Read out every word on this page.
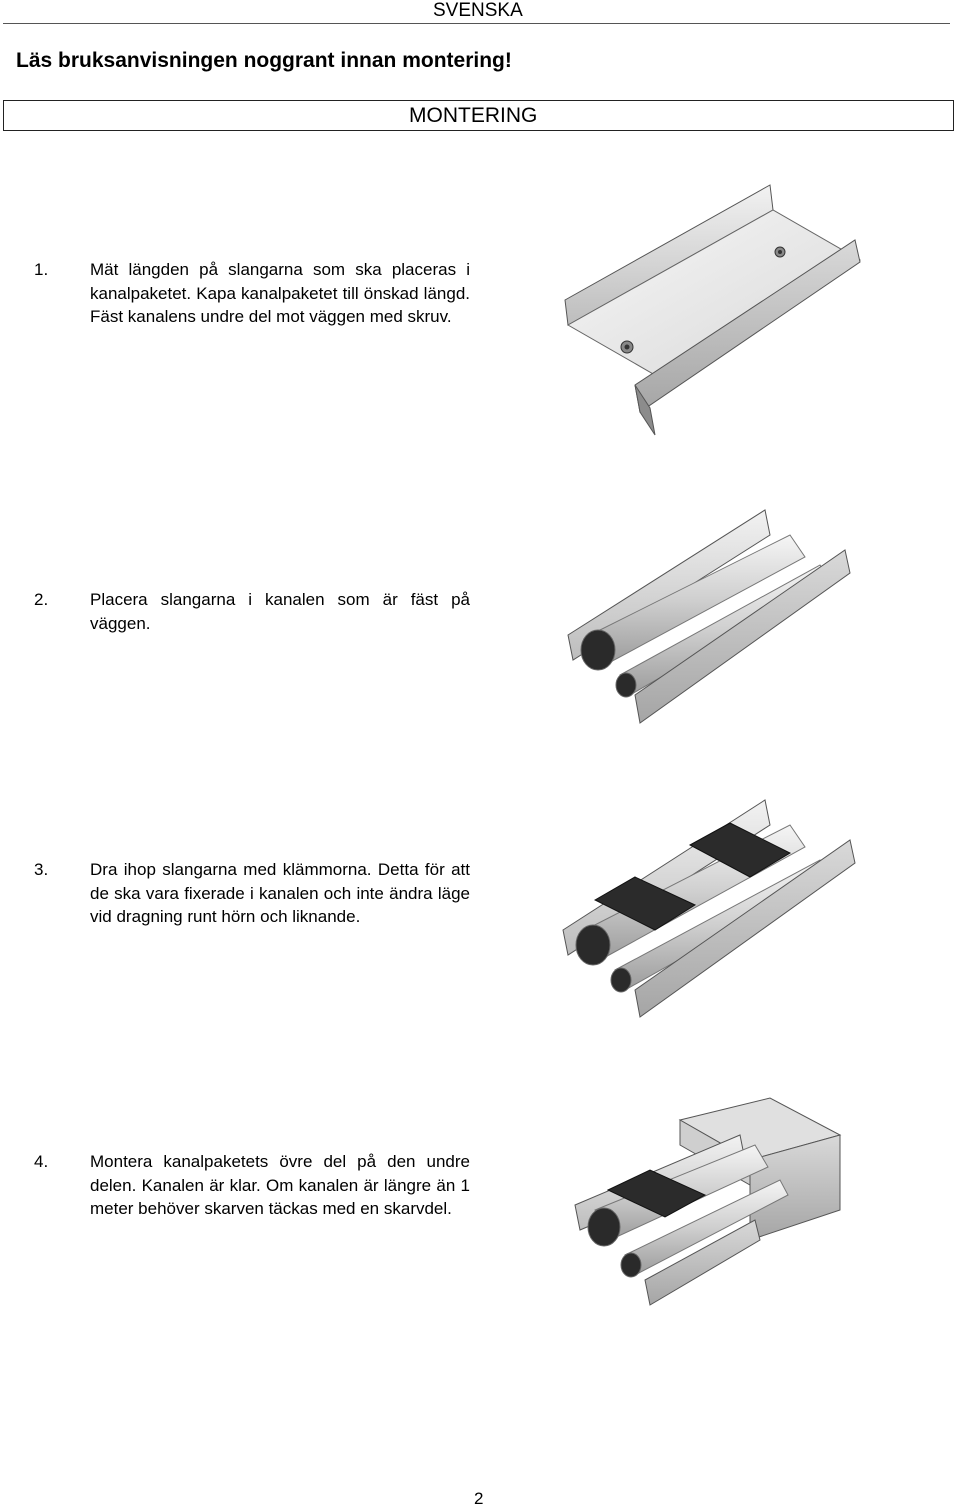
SVENSKA
Läs bruksanvisningen noggrant innan montering!
MONTERING
1. Mät längden på slangarna som ska placeras i kanalpaketet. Kapa kanalpaketet till önskad längd. Fäst kanalens undre del mot väggen med skruv.
2. Placera slangarna i kanalen som är fäst på väggen.
3. Dra ihop slangarna med klämmorna. Detta för att de ska vara fixerade i kanalen och inte ändra läge vid dragning runt hörn och liknande.
4. Montera kanalpaketets övre del på den undre delen. Kanalen är klar. Om kanalen är längre än 1 meter behöver skarven täckas med en skarvdel.
2
